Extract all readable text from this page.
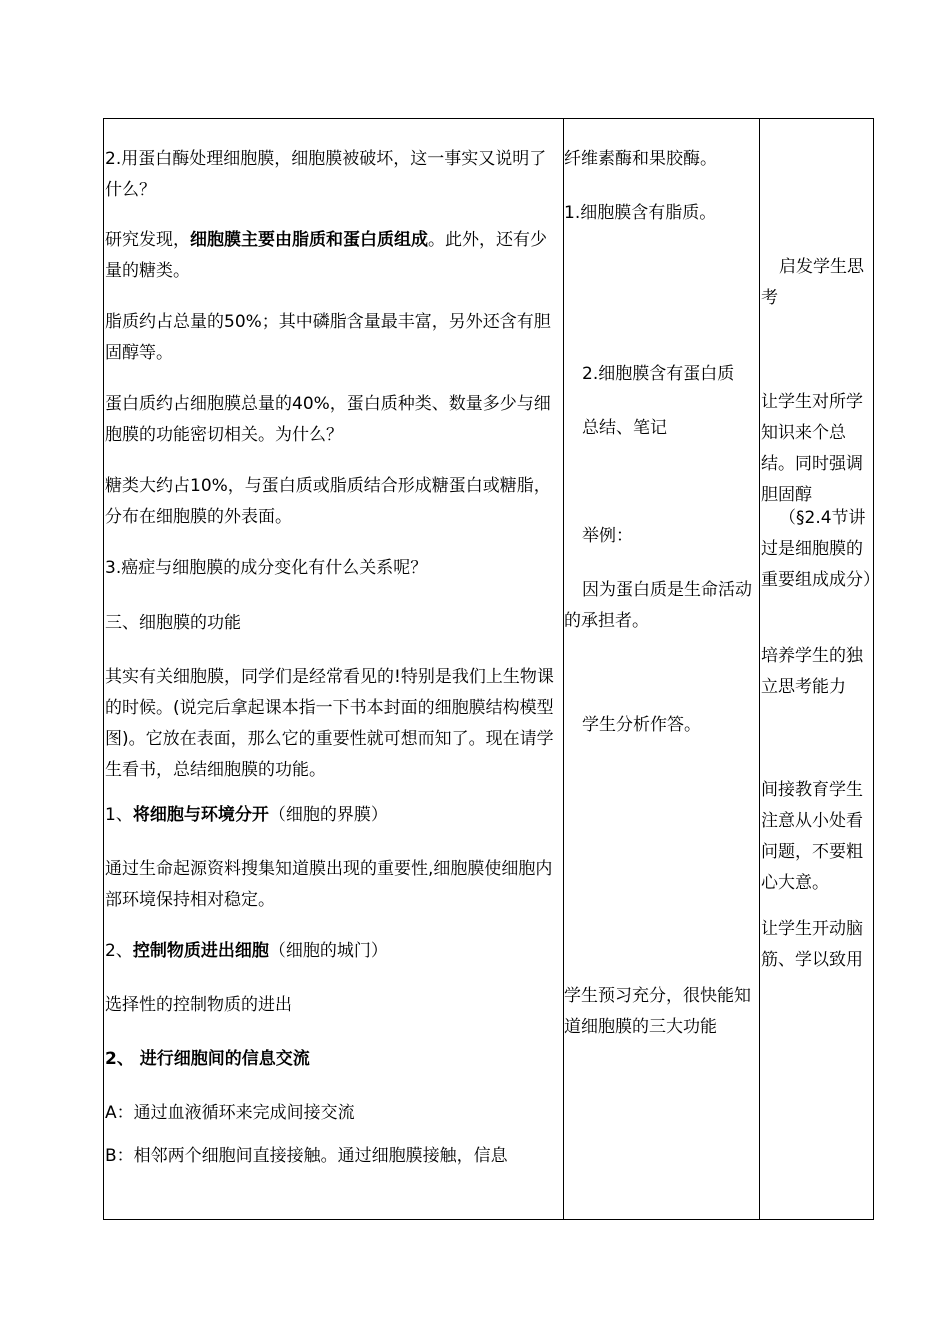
2.用蛋白酶处理细胞膜，细胞膜被破坏，这一事实又说明了什么？

研究发现，细胞膜主要由脂质和蛋白质组成。此外，还有少量的糖类。

脂质约占总量的50%；其中磷脂含量最丰富，另外还含有胆固醇等。

蛋白质约占细胞膜总量的40%，蛋白质种类、数量多少与细胞膜的功能密切相关。为什么？

糖类大约占10%，与蛋白质或脂质结合形成糖蛋白或糖脂，分布在细胞膜的外表面。

3.癌症与细胞膜的成分变化有什么关系呢？

三、细胞膜的功能

其实有关细胞膜，同学们是经常看见的!特别是我们上生物课的时候。(说完后拿起课本指一下书本封面的细胞膜结构模型图)。它放在表面，那么它的重要性就可想而知了。现在请学生看书，总结细胞膜的功能。

1、将细胞与环境分开（细胞的界膜）

通过生命起源资料搜集知道膜出现的重要性,细胞膜使细胞内部环境保持相对稳定。

2、控制物质进出细胞（细胞的城门）

选择性的控制物质的进出

2、 进行细胞间的信息交流

A：通过血液循环来完成间接交流

B：相邻两个细胞间直接接触。通过细胞膜接触，信息

纤维素酶和果胶酶。

1.细胞膜含有脂质。

2.细胞膜含有蛋白质

总结、笔记

举例：

因为蛋白质是生命活动的承担者。

学生分析作答。

学生预习充分，很快能知道细胞膜的三大功能

启发学生思考

让学生对所学知识来个总结。同时强调胆固醇

（§2.4节讲过是细胞膜的重要组成成分）

培养学生的独立思考能力

间接教育学生注意从小处看问题，不要粗心大意。

让学生开动脑筋、学以致用
